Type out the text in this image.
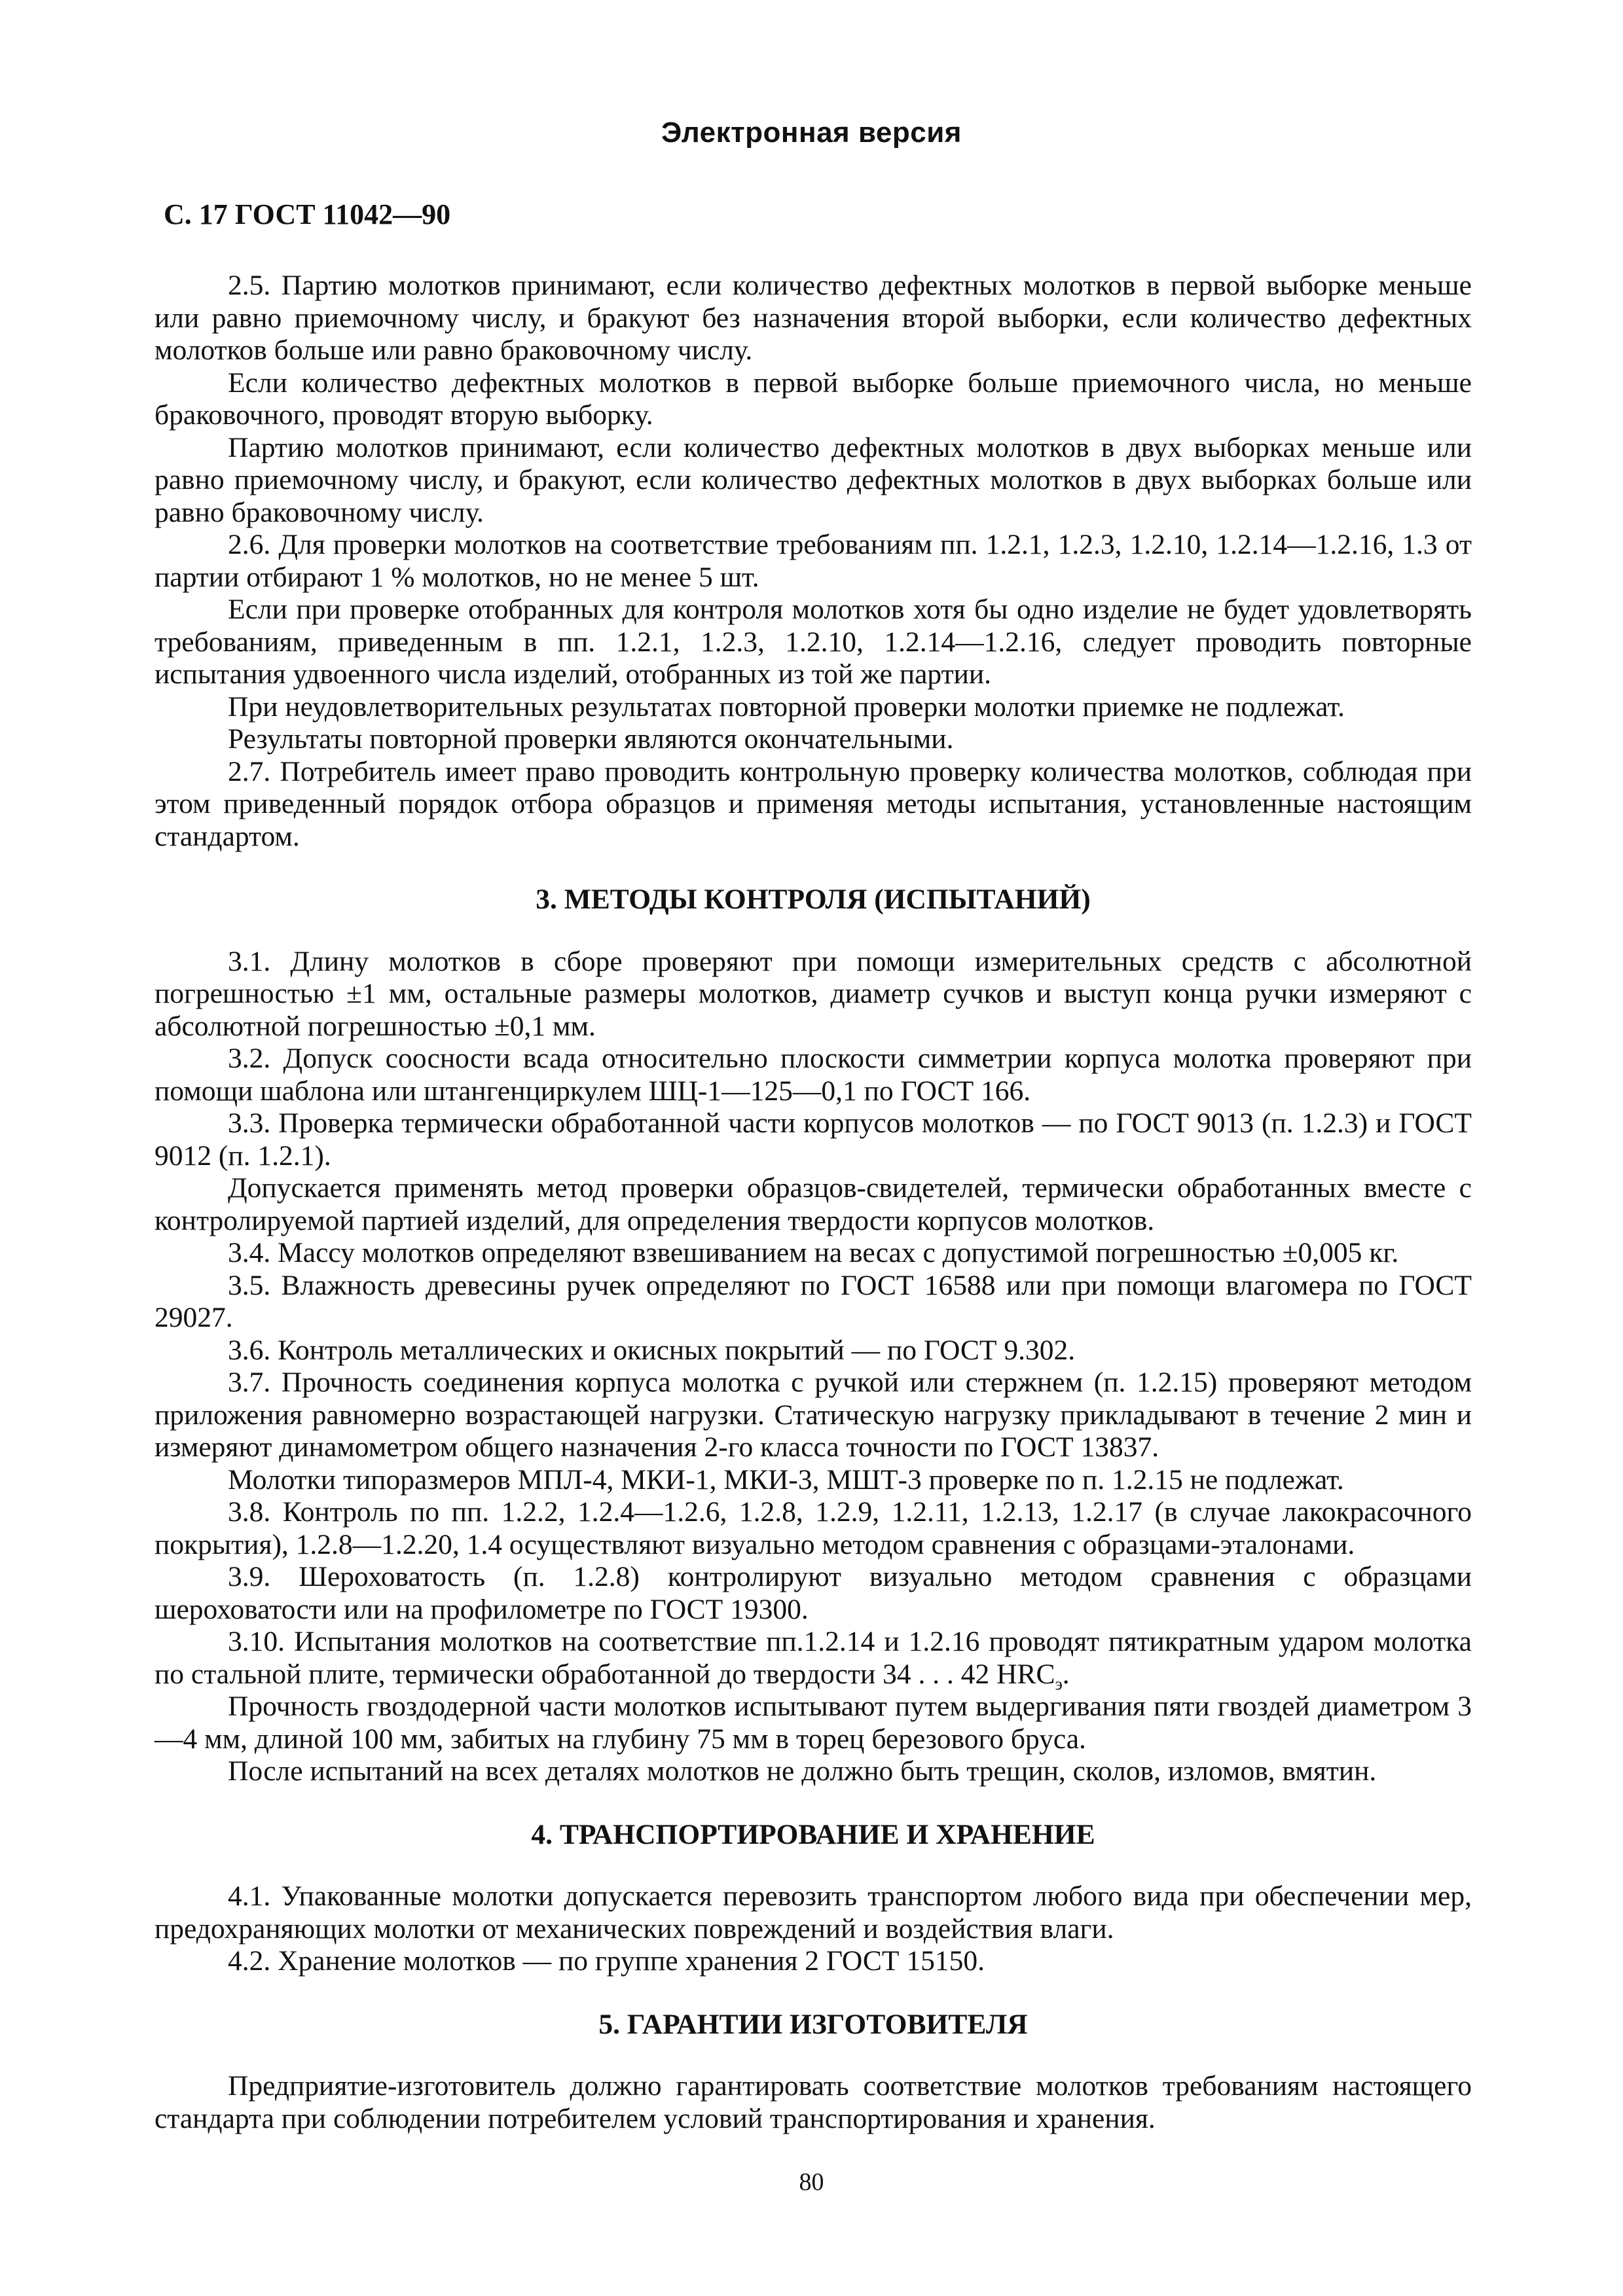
Электронная версия
С. 17 ГОСТ 11042—90

2.5. Партию молотков принимают, если количество дефектных молотков в первой выборке меньше или равно приемочному числу, и бракуют без назначения второй выборки, если количество дефектных молотков больше или равно браковочному числу.

Если количество дефектных молотков в первой выборке больше приемочного числа, но меньше браковочного, проводят вторую выборку.

Партию молотков принимают, если количество дефектных молотков в двух выборках меньше или равно приемочному числу, и бракуют, если количество дефектных молотков в двух выборках больше или равно браковочному числу.

2.6. Для проверки молотков на соответствие требованиям пп. 1.2.1, 1.2.3, 1.2.10, 1.2.14—1.2.16, 1.3 от партии отбирают 1 % молотков, но не менее 5 шт.

Если при проверке отобранных для контроля молотков хотя бы одно изделие не будет удовлетворять требованиям, приведенным в пп. 1.2.1, 1.2.3, 1.2.10, 1.2.14—1.2.16, следует проводить повторные испытания удвоенного числа изделий, отобранных из той же партии.

При неудовлетворительных результатах повторной проверки молотки приемке не подлежат.

Результаты повторной проверки являются окончательными.

2.7. Потребитель имеет право проводить контрольную проверку количества молотков, соблюдая при этом приведенный порядок отбора образцов и применяя методы испытания, установленные настоящим стандартом.

3. МЕТОДЫ КОНТРОЛЯ (ИСПЫТАНИЙ)

3.1. Длину молотков в сборе проверяют при помощи измерительных средств с абсолютной погрешностью ±1 мм, остальные размеры молотков, диаметр сучков и выступ конца ручки измеряют с абсолютной погрешностью ±0,1 мм.

3.2. Допуск соосности всада относительно плоскости симметрии корпуса молотка проверяют при помощи шаблона или штангенциркулем ШЦ-1—125—0,1 по ГОСТ 166.

3.3. Проверка термически обработанной части корпусов молотков — по ГОСТ 9013 (п. 1.2.3) и ГОСТ 9012 (п. 1.2.1).

Допускается применять метод проверки образцов-свидетелей, термически обработанных вместе с контролируемой партией изделий, для определения твердости корпусов молотков.

3.4. Массу молотков определяют взвешиванием на весах с допустимой погрешностью ±0,005 кг.

3.5. Влажность древесины ручек определяют по ГОСТ 16588 или при помощи влагомера по ГОСТ 29027.

3.6. Контроль металлических и окисных покрытий — по ГОСТ 9.302.

3.7. Прочность соединения корпуса молотка с ручкой или стержнем (п. 1.2.15) проверяют методом приложения равномерно возрастающей нагрузки. Статическую нагрузку прикладывают в течение 2 мин и измеряют динамометром общего назначения 2-го класса точности по ГОСТ 13837.

Молотки типоразмеров МПЛ-4, МКИ-1, МКИ-3, МШТ-3 проверке по п. 1.2.15 не подлежат.

3.8. Контроль по пп. 1.2.2, 1.2.4—1.2.6, 1.2.8, 1.2.9, 1.2.11, 1.2.13, 1.2.17 (в случае лакокрасочного покрытия), 1.2.8—1.2.20, 1.4 осуществляют визуально методом сравнения с образцами-эталонами.

3.9. Шероховатость (п. 1.2.8) контролируют визуально методом сравнения с образцами шероховатости или на профилометре по ГОСТ 19300.

3.10. Испытания молотков на соответствие пп.1.2.14 и 1.2.16 проводят пятикратным ударом молотка по стальной плите, термически обработанной до твердости 34 . . . 42 $HRC_э$.

Прочность гвоздодерной части молотков испытывают путем выдергивания пяти гвоздей диаметром 3—4 мм, длиной 100 мм, забитых на глубину 75 мм в торец березового бруса.

После испытаний на всех деталях молотков не должно быть трещин, сколов, изломов, вмятин.

4. ТРАНСПОРТИРОВАНИЕ И ХРАНЕНИЕ

4.1. Упакованные молотки допускается перевозить транспортом любого вида при обеспечении мер, предохраняющих молотки от механических повреждений и воздействия влаги.

4.2. Хранение молотков — по группе хранения 2 ГОСТ 15150.

5. ГАРАНТИИ ИЗГОТОВИТЕЛЯ

Предприятие-изготовитель должно гарантировать соответствие молотков требованиям настоящего стандарта при соблюдении потребителем условий транспортирования и хранения.

80
